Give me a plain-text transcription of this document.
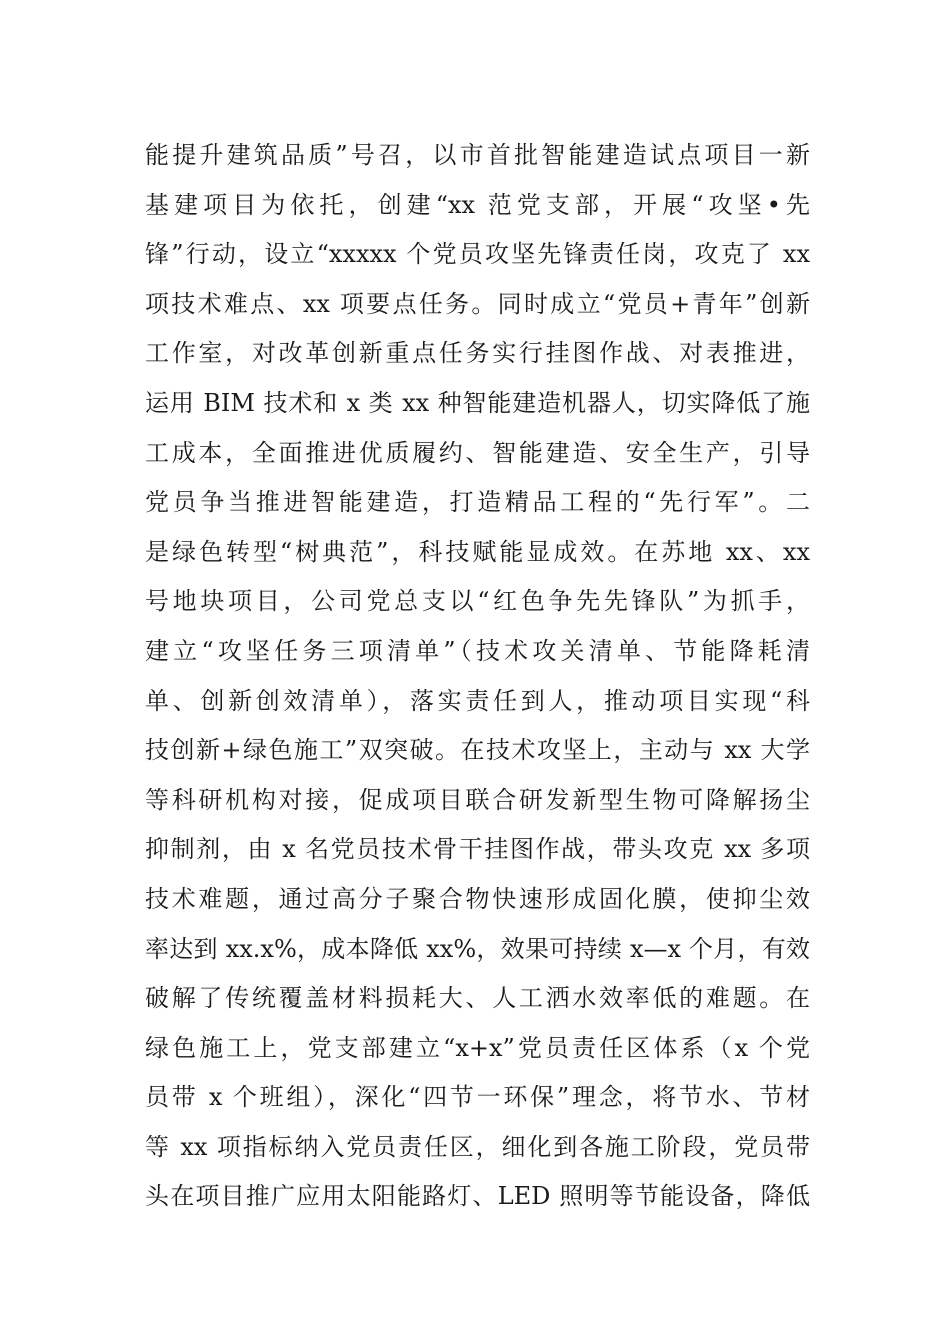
能提升建筑品质”号召，以市首批智能建造试点项目一新
基建项目为依托，创建“xx 范党支部，开展“攻坚•先
锋”行动，设立“xxxxx 个党员攻坚先锋责任岗，攻克了 xx
项技术难点、xx 项要点任务。同时成立“党员+青年”创新
工作室，对改革创新重点任务实行挂图作战、对表推进，
运用 BIM 技术和 x 类 xx 种智能建造机器人，切实降低了施
工成本，全面推进优质履约、智能建造、安全生产，引导
党员争当推进智能建造，打造精品工程的“先行军”。二
是绿色转型“树典范”，科技赋能显成效。在苏地 xx、xx
号地块项目，公司党总支以“红色争先先锋队”为抓手，
建立“攻坚任务三项清单”（技术攻关清单、节能降耗清
单、创新创效清单），落实责任到人，推动项目实现“科
技创新+绿色施工”双突破。在技术攻坚上，主动与 xx 大学
等科研机构对接，促成项目联合研发新型生物可降解扬尘
抑制剂，由 x 名党员技术骨干挂图作战，带头攻克 xx 多项
技术难题，通过高分子聚合物快速形成固化膜，使抑尘效
率达到 xx.x%，成本降低 xx%，效果可持续 x—x 个月，有效
破解了传统覆盖材料损耗大、人工洒水效率低的难题。在
绿色施工上，党支部建立“x+x”党员责任区体系（x 个党
员带 x 个班组），深化“四节一环保”理念，将节水、节材
等 xx 项指标纳入党员责任区，细化到各施工阶段，党员带
头在项目推广应用太阳能路灯、LED 照明等节能设备，降低
